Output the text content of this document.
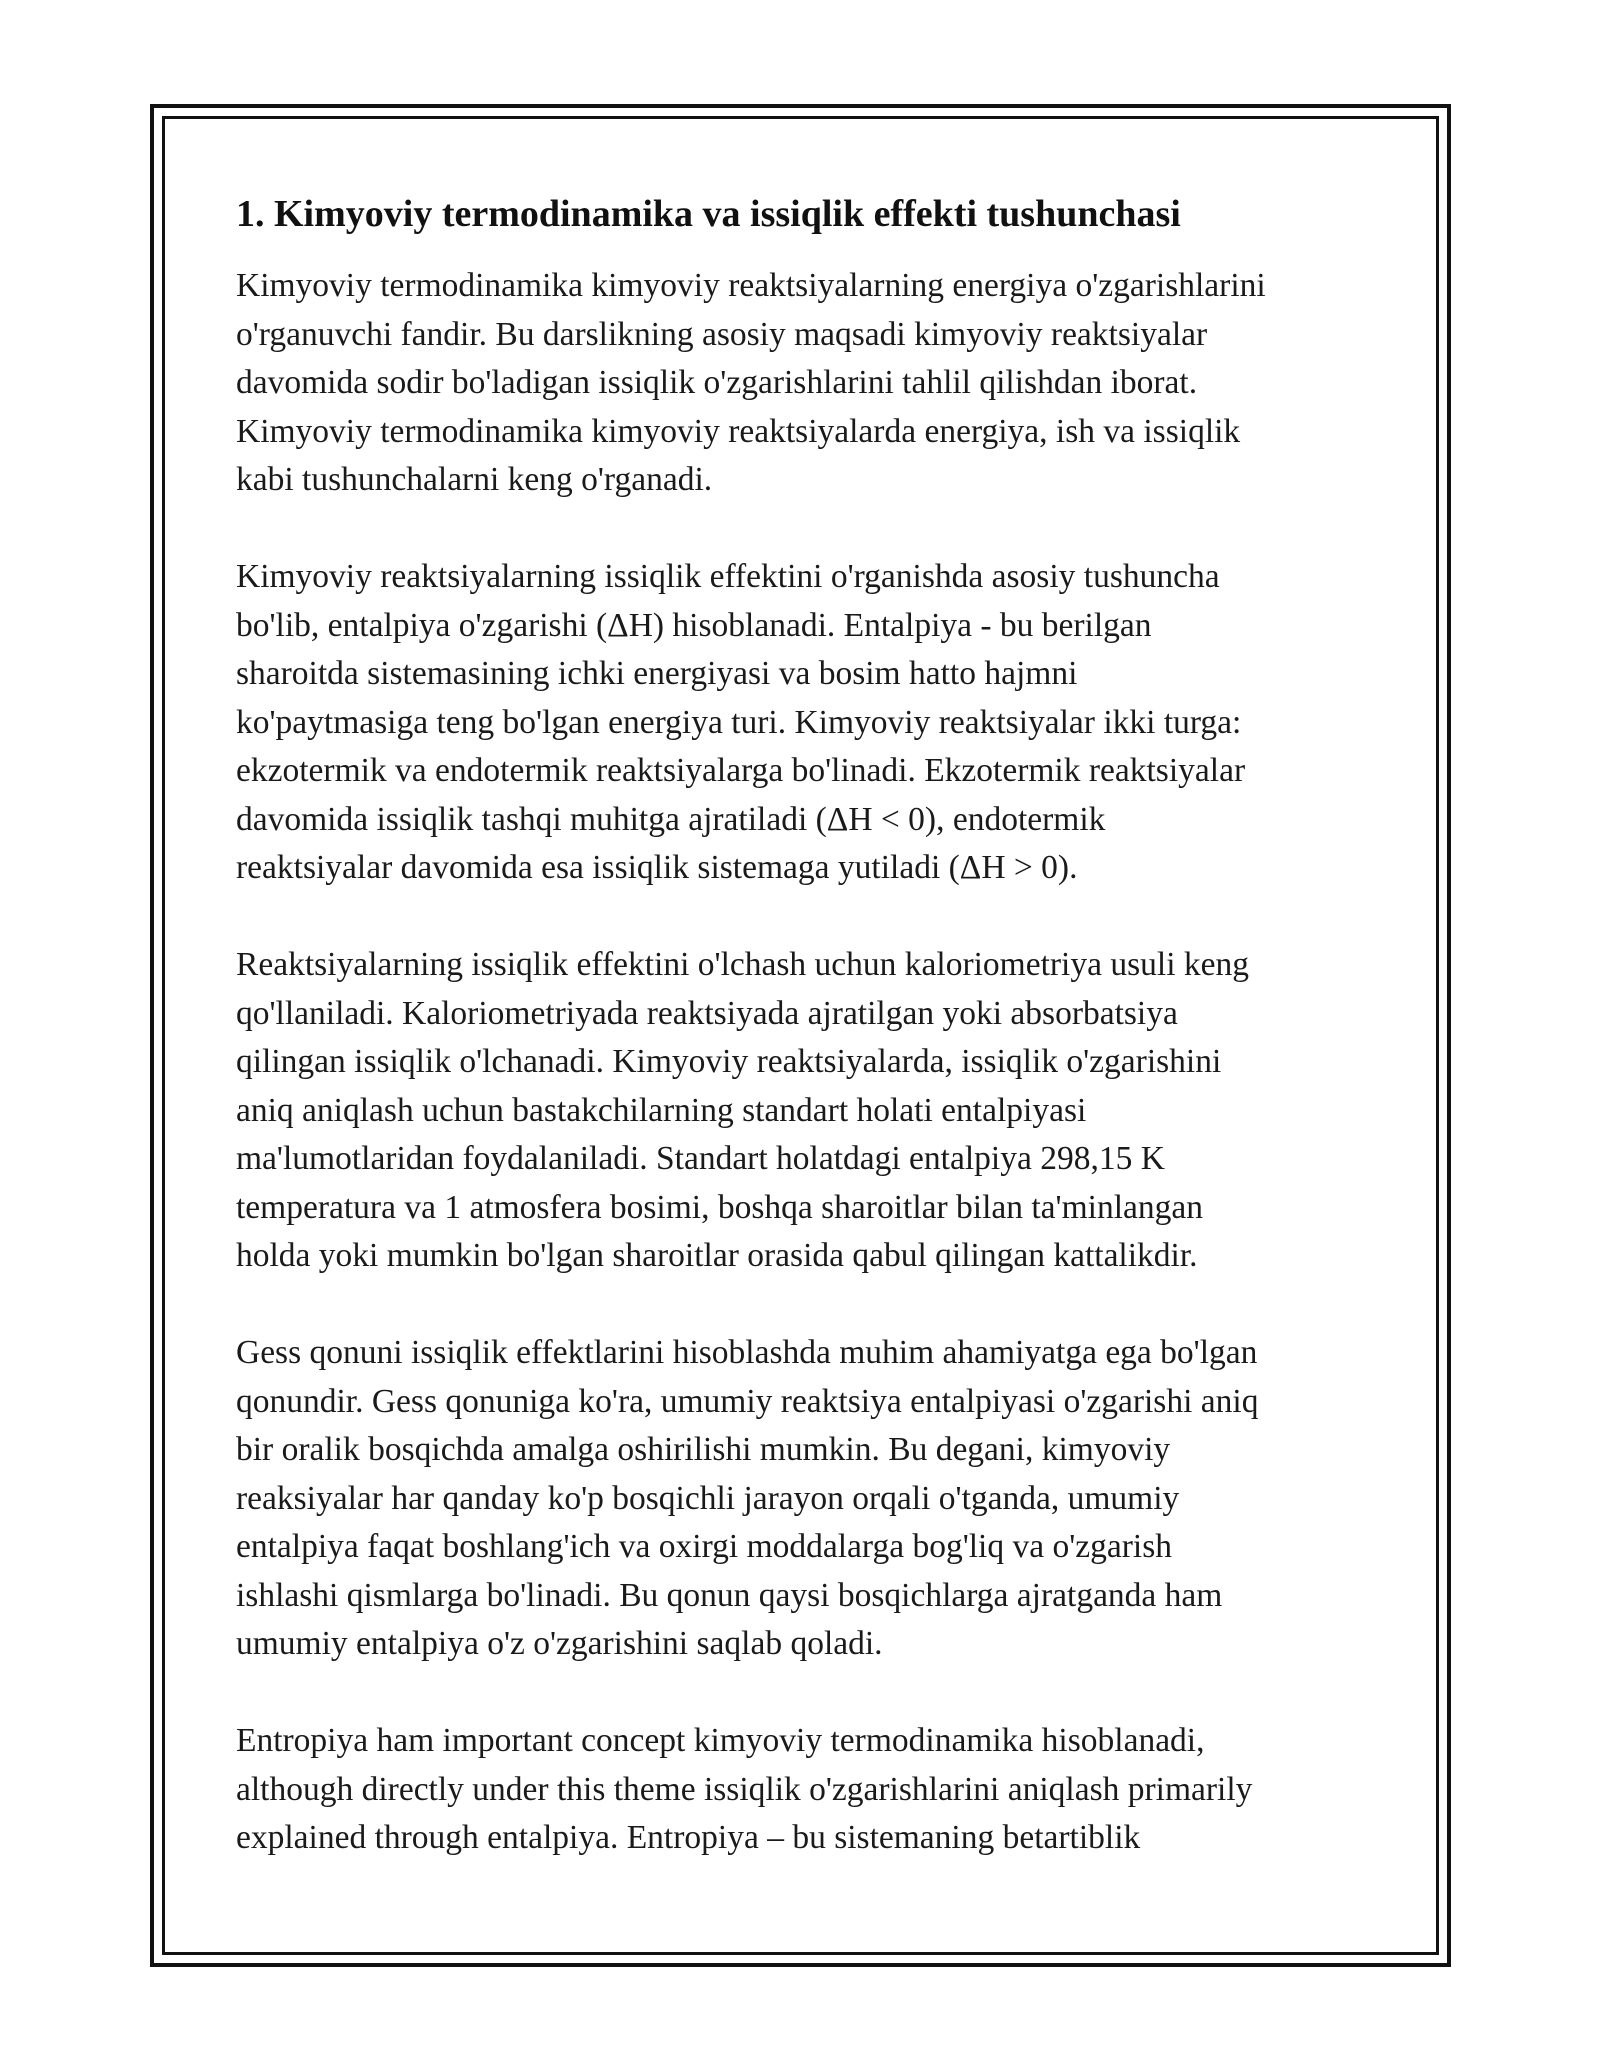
1. Kimyoviy termodinamika va issiqlik effekti tushunchasi

Kimyoviy termodinamika kimyoviy reaktsiyalarning energiya o'zgarishlarini
o'rganuvchi fandir. Bu darslikning asosiy maqsadi kimyoviy reaktsiyalar
davomida sodir bo'ladigan issiqlik o'zgarishlarini tahlil qilishdan iborat.
Kimyoviy termodinamika kimyoviy reaktsiyalarda energiya, ish va issiqlik
kabi tushunchalarni keng o'rganadi.

Kimyoviy reaktsiyalarning issiqlik effektini o'rganishda asosiy tushuncha
bo'lib, entalpiya o'zgarishi (ΔH) hisoblanadi. Entalpiya - bu berilgan
sharoitda sistemasining ichki energiyasi va bosim hatto hajmni
ko'paytmasiga teng bo'lgan energiya turi. Kimyoviy reaktsiyalar ikki turga:
ekzotermik va endotermik reaktsiyalarga bo'linadi. Ekzotermik reaktsiyalar
davomida issiqlik tashqi muhitga ajratiladi (ΔH < 0), endotermik
reaktsiyalar davomida esa issiqlik sistemaga yutiladi (ΔH > 0).

Reaktsiyalarning issiqlik effektini o'lchash uchun kaloriometriya usuli keng
qo'llaniladi. Kaloriometriyada reaktsiyada ajratilgan yoki absorbatsiya
qilingan issiqlik o'lchanadi. Kimyoviy reaktsiyalarda, issiqlik o'zgarishini
aniq aniqlash uchun bastakchilarning standart holati entalpiyasi
ma'lumotlaridan foydalaniladi. Standart holatdagi entalpiya 298,15 K
temperatura va 1 atmosfera bosimi, boshqa sharoitlar bilan ta'minlangan
holda yoki mumkin bo'lgan sharoitlar orasida qabul qilingan kattalikdir.

Gess qonuni issiqlik effektlarini hisoblashda muhim ahamiyatga ega bo'lgan
qonundir. Gess qonuniga ko'ra, umumiy reaktsiya entalpiyasi o'zgarishi aniq
bir oralik bosqichda amalga oshirilishi mumkin. Bu degani, kimyoviy
reaksiyalar har qanday ko'p bosqichli jarayon orqali o'tganda, umumiy
entalpiya faqat boshlang'ich va oxirgi moddalarga bog'liq va o'zgarish
ishlashi qismlarga bo'linadi. Bu qonun qaysi bosqichlarga ajratganda ham
umumiy entalpiya o'z o'zgarishini saqlab qoladi.

Entropiya ham important concept kimyoviy termodinamika hisoblanadi,
although directly under this theme issiqlik o'zgarishlarini aniqlash primarily
explained through entalpiya. Entropiya – bu sistemaning betartiblik
